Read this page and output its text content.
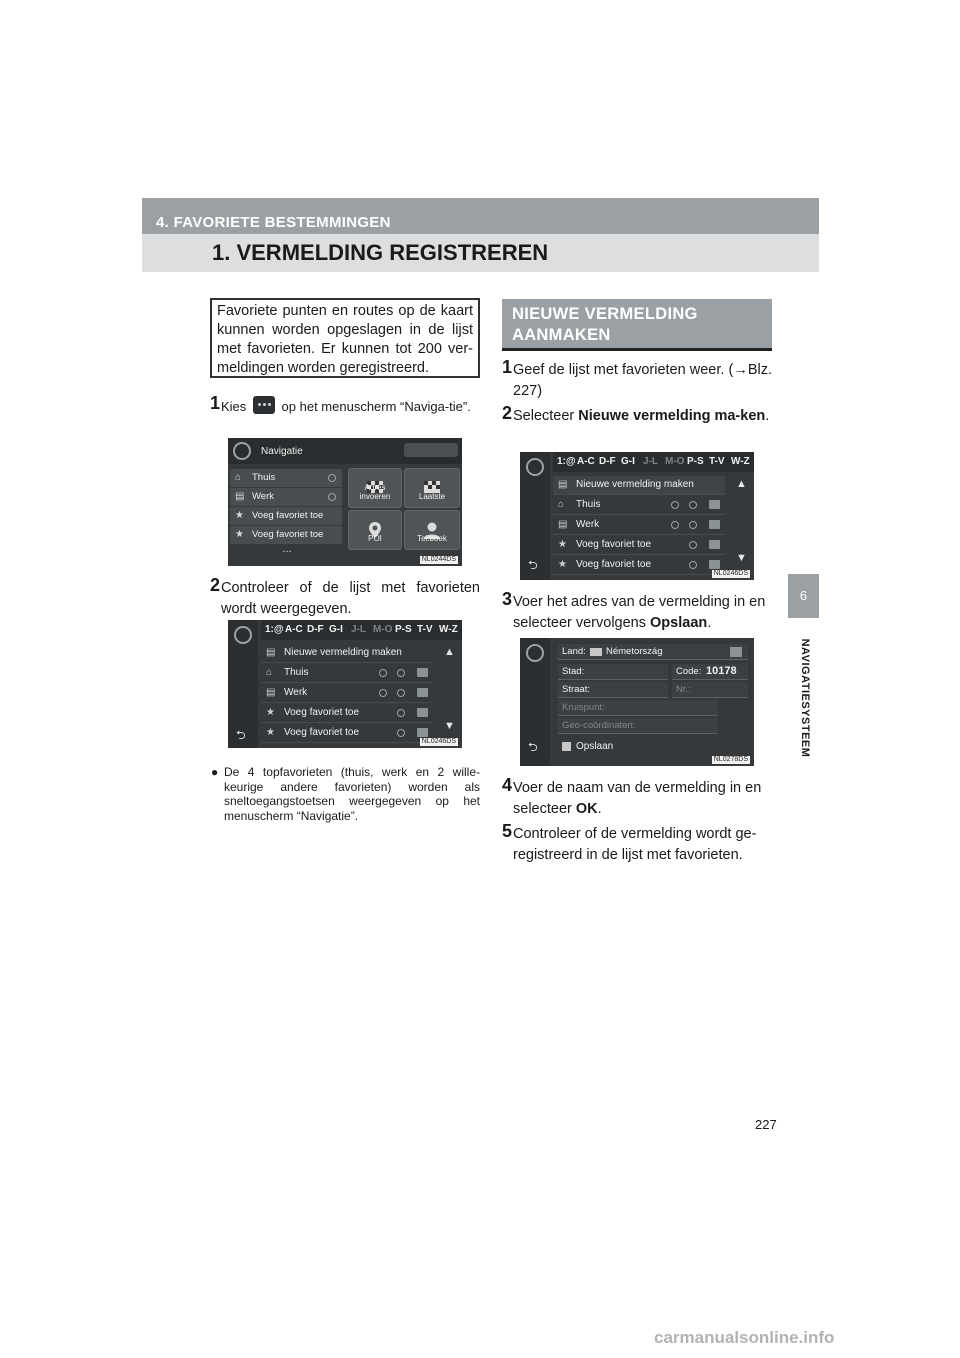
4. FAVORIETE BESTEMMINGEN
1. VERMELDING REGISTREREN
6
NAVIGATIESYSTEEM
Favoriete punten en routes op de kaart kunnen worden opgeslagen in de lijst met favorieten. Er kunnen tot 200 ver-meldingen worden geregistreerd.
1 Kies	op het menuscherm “Naviga-tie”.
Navigatie
⌂ Thuis
▤ Werk
★ Voeg favoriet toe
★ Voeg favoriet toe
…
Adres invoeren	Laatste
POI	Tel.boek
NL0244DS
2 Controleer of de lijst met favorieten wordt weergegeven.
⮌
1:@ A-C D-F G-I J-L M-O P-S T-V W-Z
▤ Nieuwe vermelding maken
⌂ Thuis
▤ Werk
★ Voeg favoriet toe
★ Voeg favoriet toe
▲
▼
NL0246DS
● De 4 topfavorieten (thuis, werk en 2 wille-keurige andere favorieten) worden als sneltoegangstoetsen weergegeven op het menuscherm “Navigatie”.
NIEUWE VERMELDING AANMAKEN
1 Geef de lijst met favorieten weer. (→Blz. 227)
2 Selecteer Nieuwe vermelding ma-ken.
⮌
1:@ A-C D-F G-I J-L M-O P-S T-V W-Z
▤ Nieuwe vermelding maken
⌂ Thuis
▤ Werk
★ Voeg favoriet toe
★ Voeg favoriet toe
▲
▼
NL0246DS
3 Voer het adres van de vermelding in en selecteer vervolgens Opslaan.
⮌
Land: Németország
Stad:	Code: 10178
Straat:	Nr.:
Kruispunt:
Geo-coördinaten:
Opslaan
NL0278DS
4 Voer de naam van de vermelding in en selecteer OK.
5 Controleer of de vermelding wordt ge-registreerd in de lijst met favorieten.
227
carmanualsonline.info
